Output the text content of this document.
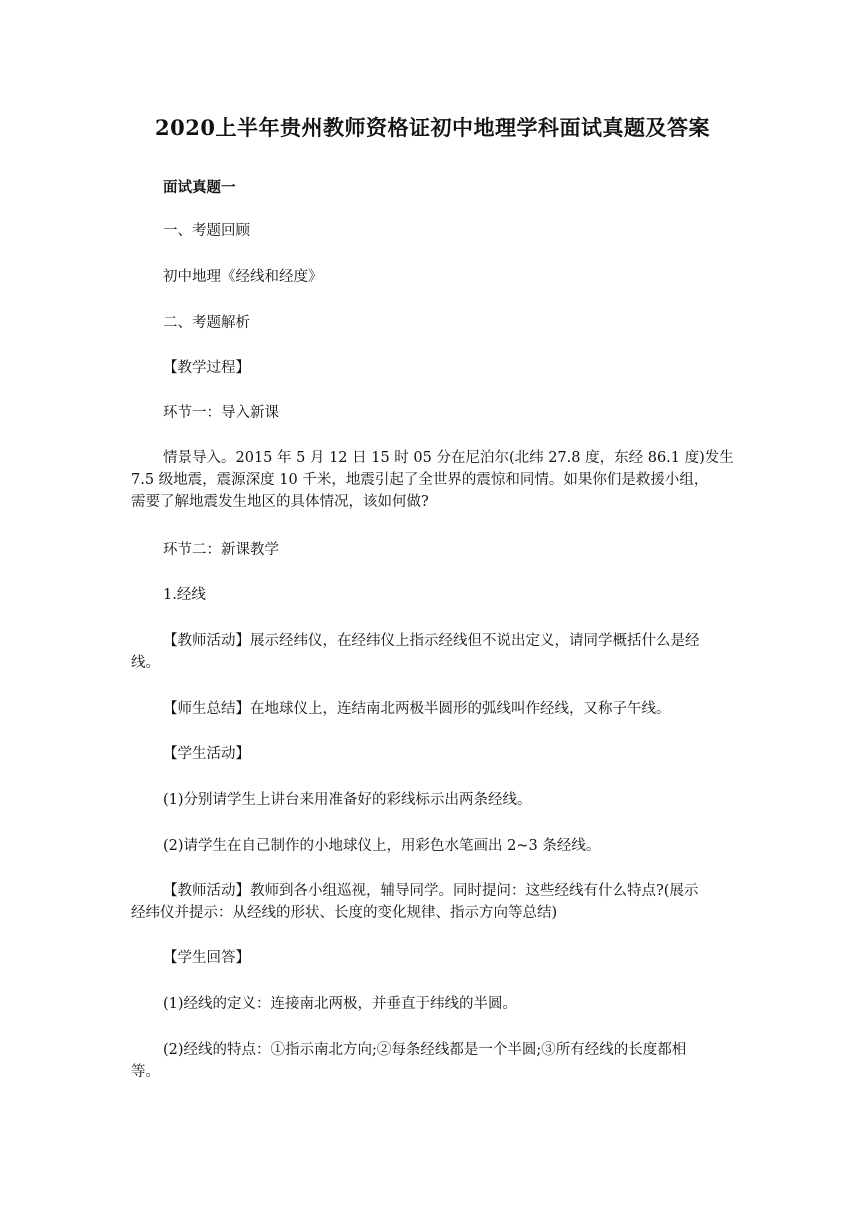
2020上半年贵州教师资格证初中地理学科面试真题及答案
面试真题一
一、考题回顾
初中地理《经线和经度》
二、考题解析
【教学过程】
环节一：导入新课
情景导入。2015 年 5 月 12 日 15 时 05 分在尼泊尔(北纬 27.8 度，东经 86.1 度)发生
7.5 级地震，震源深度 10 千米，地震引起了全世界的震惊和同情。如果你们是救援小组，
需要了解地震发生地区的具体情况，该如何做?
环节二：新课教学
1.经线
【教师活动】展示经纬仪，在经纬仪上指示经线但不说出定义，请同学概括什么是经
线。
【师生总结】在地球仪上，连结南北两极半圆形的弧线叫作经线，又称子午线。
【学生活动】
(1)分别请学生上讲台来用准备好的彩线标示出两条经线。
(2)请学生在自己制作的小地球仪上，用彩色水笔画出 2~3 条经线。
【教师活动】教师到各小组巡视，辅导同学。同时提问：这些经线有什么特点?(展示
经纬仪并提示：从经线的形状、长度的变化规律、指示方向等总结)
【学生回答】
(1)经线的定义：连接南北两极，并垂直于纬线的半圆。
(2)经线的特点：①指示南北方向;②每条经线都是一个半圆;③所有经线的长度都相
等。
